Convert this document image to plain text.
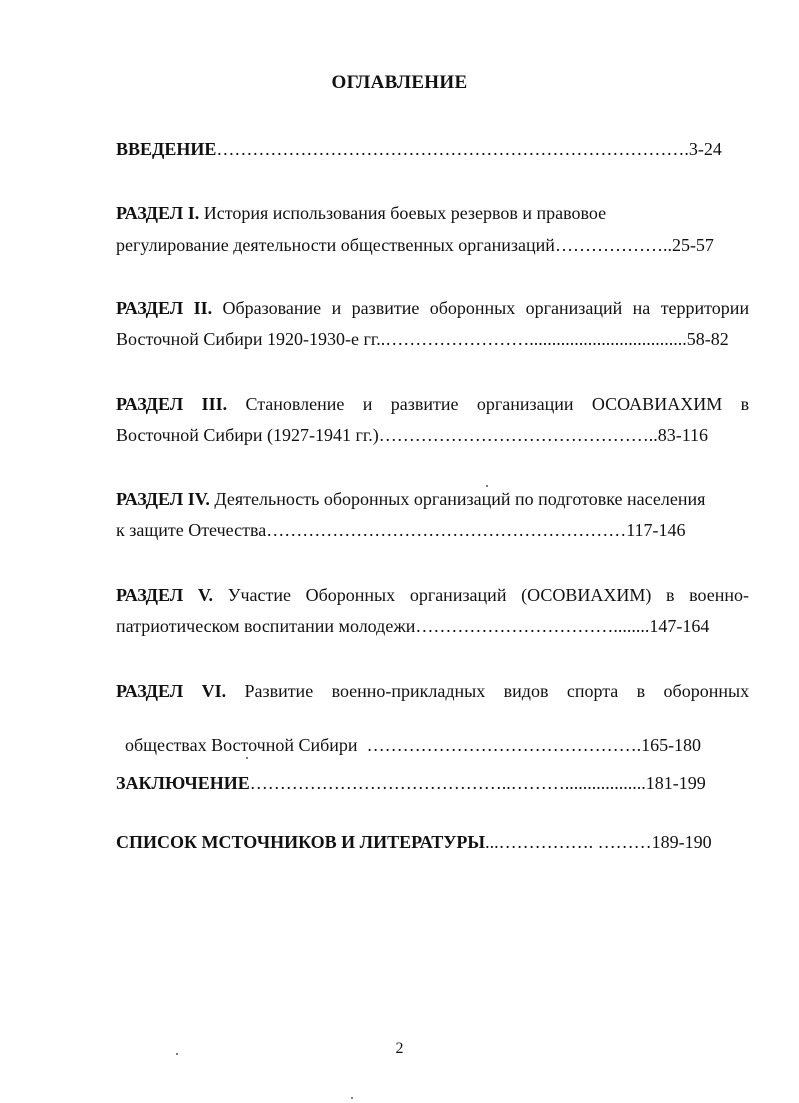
ОГЛАВЛЕНИЕ
ВВЕДЕНИЕ…………………………………………………………………….3-24
РАЗДЕЛ I. История использования боевых резервов и правовое
регулирование деятельности общественных организаций………………..25-57
РАЗДЕЛ II. Образование и развитие оборонных организаций на территории
Восточной Сибири 1920-1930-е гг..……………………...................................58-82
РАЗДЕЛ III. Становление и развитие организации ОСОАВИАХИМ в
Восточной Сибири (1927-1941 гг.)………………………………………..83-116
РАЗДЕЛ IV. Деятельность оборонных организаций по подготовке населения
к защите Отечества……………………………………………………117-146
РАЗДЕЛ V. Участие Оборонных организаций (ОСОВИАХИМ) в военно-
патриотическом воспитании молодежи……………………………........147-164
РАЗДЕЛ VI. Развитие военно-прикладных видов спорта в оборонных

обществах Восточной Сибири  ……………………………………….165-180

ЗАКЛЮЧЕНИЕ……………………………………..………..................181-199
СПИСОК МСТОЧНИКОВ И ЛИТЕРАТУРЫ...……………. ………189-190
2
